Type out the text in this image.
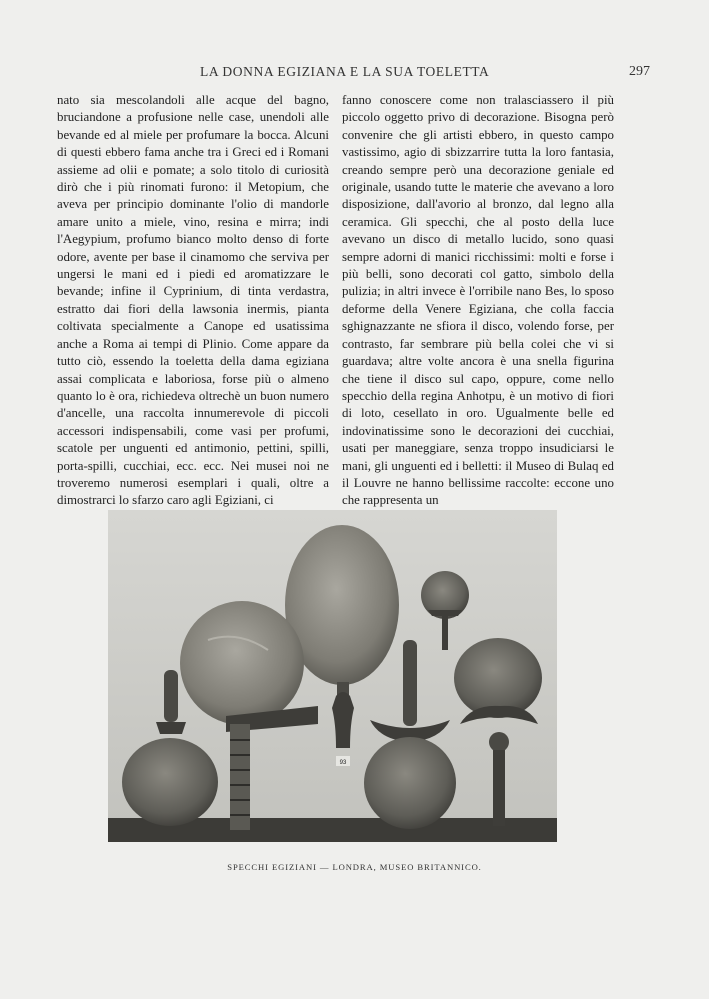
LA DONNA EGIZIANA E LA SUA TOELETTA	297

nato sia mescolandoli alle acque del bagno, bruciandone a profusione nelle case, unendoli alle bevande ed al miele per profumare la bocca. Alcuni di questi ebbero fama anche tra i Greci ed i Romani assieme ad olii e pomate; a solo titolo di curiosità dirò che i più rinomati furono: il Metopium, che aveva per principio dominante l'olio di mandorle amare unito a miele, vino, resina e mirra; indi l'Aegypium, profumo bianco molto denso di forte odore, avente per base il cinamomo che serviva per ungersi le mani ed i piedi ed aromatizzare le bevande; infine il Cyprinium, di tinta verdastra, estratto dai fiori della lawsonia inermis, pianta coltivata specialmente a Canope ed usatissima anche a Roma ai tempi di Plinio. Come appare da tutto ciò, essendo la toeletta della dama egiziana assai complicata e laboriosa, forse più o almeno quanto lo è ora, richiedeva oltrechè un buon numero d'ancelle, una raccolta innumerevole di piccoli accessori indispensabili, come vasi per profumi, scatole per unguenti ed antimonio, pettini, spilli, porta-spilli, cucchiai, ecc. ecc. Nei musei noi ne troveremo numerosi esemplari i quali, oltre a dimostrarci lo sfarzo caro agli Egiziani, ci

fanno conoscere come non tralasciassero il più piccolo oggetto privo di decorazione. Bisogna però convenire che gli artisti ebbero, in questo campo vastissimo, agio di sbizzarrire tutta la loro fantasia, creando sempre però una decorazione geniale ed originale, usando tutte le materie che avevano a loro disposizione, dall'avorio al bronzo, dal legno alla ceramica. Gli specchi, che al posto della luce avevano un disco di metallo lucido, sono quasi sempre adorni di manici ricchissimi: molti e forse i più belli, sono decorati col gatto, simbolo della pulizia; in altri invece è l'orribile nano Bes, lo sposo deforme della Venere Egiziana, che colla faccia sghignazzante ne sfiora il disco, volendo forse, per contrasto, far sembrare più bella colei che vi si guardava; altre volte ancora è una snella figurina che tiene il disco sul capo, oppure, come nello specchio della regina Anhotpu, è un motivo di fiori di loto, cesellato in oro. Ugualmente belle ed indovinatissime sono le decorazioni dei cucchiai, usati per maneggiare, senza troppo insudiciarsi le mani, gli unguenti ed i belletti: il Museo di Bulaq ed il Louvre ne hanno bellissime raccolte: eccone uno che rappresenta un

93
SPECCHI EGIZIANI — LONDRA, MUSEO BRITANNICO.
